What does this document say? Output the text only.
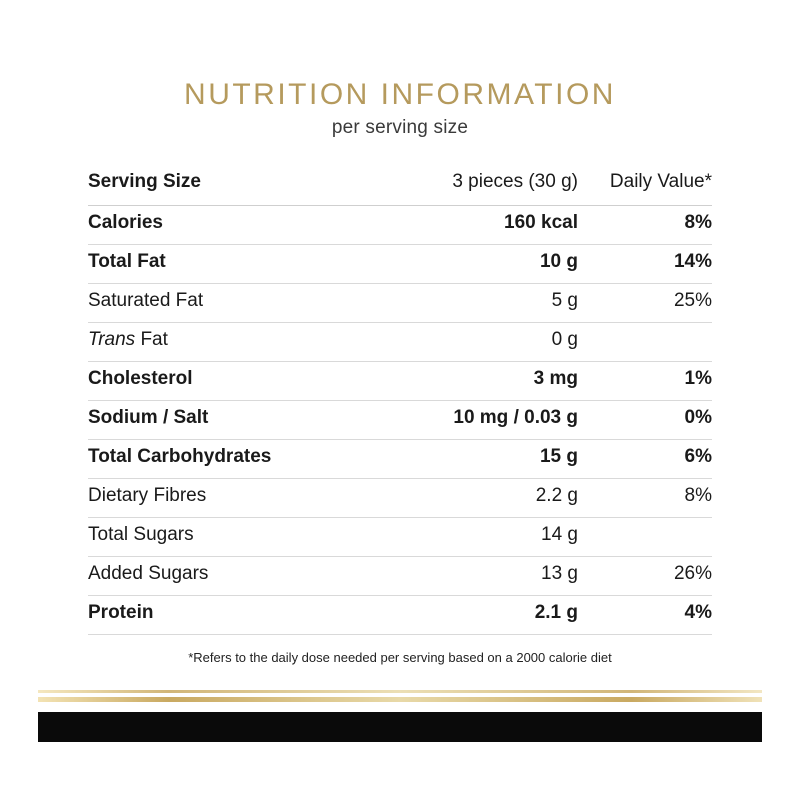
NUTRITION INFORMATION
per serving size
Serving Size	3 pieces (30 g)	Daily Value*
Calories	160 kcal	8%
Total Fat	10 g	14%
Saturated Fat	5 g	25%
Trans Fat	0 g
Cholesterol	3 mg	1%
Sodium / Salt	10 mg / 0.03 g	0%
Total Carbohydrates	15 g	6%
Dietary Fibres	2.2 g	8%
Total Sugars	14 g
Added Sugars	13 g	26%
Protein	2.1 g	4%
*Refers to the daily dose needed per serving based on a 2000 calorie diet
